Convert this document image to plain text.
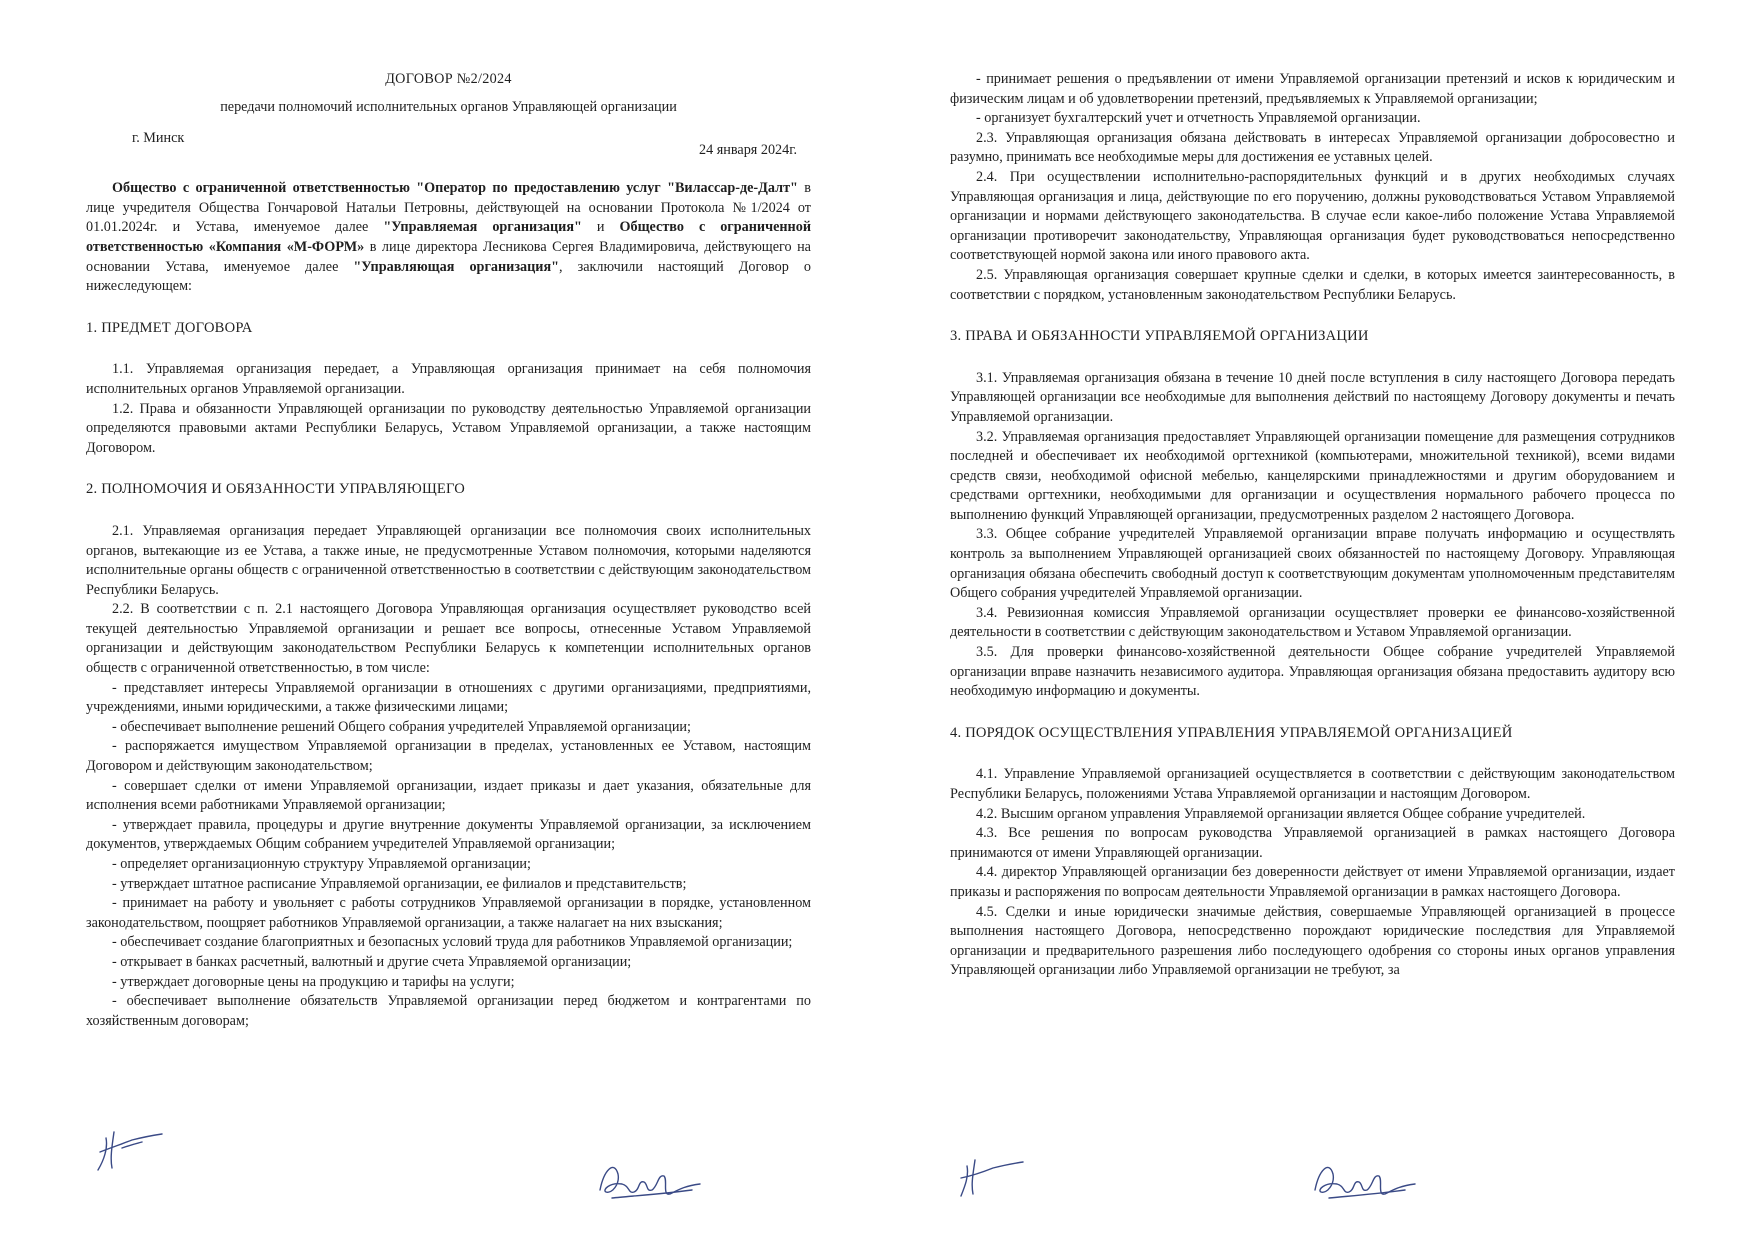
ДОГОВОР №2/2024
передачи полномочий исполнительных органов Управляющей организации
г. Минск
24 января 2024г.

Общество с ограниченной ответственностью "Оператор по предоставлению услуг "Виласcар-де-Далт" в лице учредителя Общества Гончаровой Натальи Петровны, действующей на основании Протокола №1/2024 от 01.01.2024г. и Устава, именуемое далее "Управляемая организация" и Общество с ограниченной ответственностью «Компания «М-ФОРМ» в лице директора Лесникова Сергея Владимировича, действующего на основании Устава, именуемое далее "Управляющая организация", заключили настоящий Договор о нижеследующем:

1. ПРЕДМЕТ ДОГОВОРА

1.1. Управляемая организация передает, а Управляющая организация принимает на себя полномочия исполнительных органов Управляемой организации.

1.2. Права и обязанности Управляющей организации по руководству деятельностью Управляемой организации определяются правовыми актами Республики Беларусь, Уставом Управляемой организации, а также настоящим Договором.

2. ПОЛНОМОЧИЯ И ОБЯЗАННОСТИ УПРАВЛЯЮЩЕГО

2.1. Управляемая организация передает Управляющей организации все полномочия своих исполнительных органов, вытекающие из ее Устава, а также иные, не предусмотренные Уставом полномочия, которыми наделяются исполнительные органы обществ с ограниченной ответственностью в соответствии с действующим законодательством Республики Беларусь.

2.2. В соответствии с п. 2.1 настоящего Договора Управляющая организация осуществляет руководство всей текущей деятельностью Управляемой организации и решает все вопросы, отнесенные Уставом Управляемой организации и действующим законодательством Республики Беларусь к компетенции исполнительных органов обществ с ограниченной ответственностью, в том числе:

- представляет интересы Управляемой организации в отношениях с другими организациями, предприятиями, учреждениями, иными юридическими, а также физическими лицами;

- обеспечивает выполнение решений Общего собрания учредителей Управляемой организации;

- распоряжается имуществом Управляемой организации в пределах, установленных ее Уставом, настоящим Договором и действующим законодательством;

- совершает сделки от имени Управляемой организации, издает приказы и дает указания, обязательные для исполнения всеми работниками Управляемой организации;

- утверждает правила, процедуры и другие внутренние документы Управляемой организации, за исключением документов, утверждаемых Общим собранием учредителей Управляемой организации;

- определяет организационную структуру Управляемой организации;

- утверждает штатное расписание Управляемой организации, ее филиалов и представительств;

- принимает на работу и увольняет с работы сотрудников Управляемой организации в порядке, установленном законодательством, поощряет работников Управляемой организации, а также налагает на них взыскания;

- обеспечивает создание благоприятных и безопасных условий труда для работников Управляемой организации;

- открывает в банках расчетный, валютный и другие счета Управляемой организации;

- утверждает договорные цены на продукцию и тарифы на услуги;

- обеспечивает выполнение обязательств Управляемой организации перед бюджетом и контрагентами по хозяйственным договорам;

- принимает решения о предъявлении от имени Управляемой организации претензий и исков к юридическим и физическим лицам и об удовлетворении претензий, предъявляемых к Управляемой организации;

- организует бухгалтерский учет и отчетность Управляемой организации.

2.3. Управляющая организация обязана действовать в интересах Управляемой организации добросовестно и разумно, принимать все необходимые меры для достижения ее уставных целей.

2.4. При осуществлении исполнительно-распорядительных функций и в других необходимых случаях Управляющая организация и лица, действующие по его поручению, должны руководствоваться Уставом Управляемой организации и нормами действующего законодательства. В случае если какое-либо положение Устава Управляемой организации противоречит законодательству, Управляющая организация будет руководствоваться непосредственно соответствующей нормой закона или иного правового акта.

2.5. Управляющая организация совершает крупные сделки и сделки, в которых имеется заинтересованность, в соответствии с порядком, установленным законодательством Республики Беларусь.

3. ПРАВА И ОБЯЗАННОСТИ УПРАВЛЯЕМОЙ ОРГАНИЗАЦИИ

3.1. Управляемая организация обязана в течение 10 дней после вступления в силу настоящего Договора передать Управляющей организации все необходимые для выполнения действий по настоящему Договору документы и печать Управляемой организации.

3.2. Управляемая организация предоставляет Управляющей организации помещение для размещения сотрудников последней и обеспечивает их необходимой оргтехникой (компьютерами, множительной техникой), всеми видами средств связи, необходимой офисной мебелью, канцелярскими принадлежностями и другим оборудованием и средствами оргтехники, необходимыми для организации и осуществления нормального рабочего процесса по выполнению функций Управляющей организации, предусмотренных разделом 2 настоящего Договора.

3.3. Общее собрание учредителей Управляемой организации вправе получать информацию и осуществлять контроль за выполнением Управляющей организацией своих обязанностей по настоящему Договору. Управляющая организация обязана обеспечить свободный доступ к соответствующим документам уполномоченным представителям Общего собрания учредителей Управляемой организации.

3.4. Ревизионная комиссия Управляемой организации осуществляет проверки ее финансово-хозяйственной деятельности в соответствии с действующим законодательством и Уставом Управляемой организации.

3.5. Для проверки финансово-хозяйственной деятельности Общее собрание учредителей Управляемой организации вправе назначить независимого аудитора. Управляющая организация обязана предоставить аудитору всю необходимую информацию и документы.

4. ПОРЯДОК ОСУЩЕСТВЛЕНИЯ УПРАВЛЕНИЯ УПРАВЛЯЕМОЙ ОРГАНИЗАЦИЕЙ

4.1. Управление Управляемой организацией осуществляется в соответствии с действующим законодательством Республики Беларусь, положениями Устава Управляемой организации и настоящим Договором.

4.2. Высшим органом управления Управляемой организации является Общее собрание учредителей.

4.3. Все решения по вопросам руководства Управляемой организацией в рамках настоящего Договора принимаются от имени Управляющей организации.

4.4. директор Управляющей организации без доверенности действует от имени Управляемой организации, издает приказы и распоряжения по вопросам деятельности Управляемой организации в рамках настоящего Договора.

4.5. Сделки и иные юридически значимые действия, совершаемые Управляющей организацией в процессе выполнения настоящего Договора, непосредственно порождают юридические последствия для Управляемой организации и предварительного разрешения либо последующего одобрения со стороны иных органов управления Управляющей организации либо Управляемой организации не требуют, за
